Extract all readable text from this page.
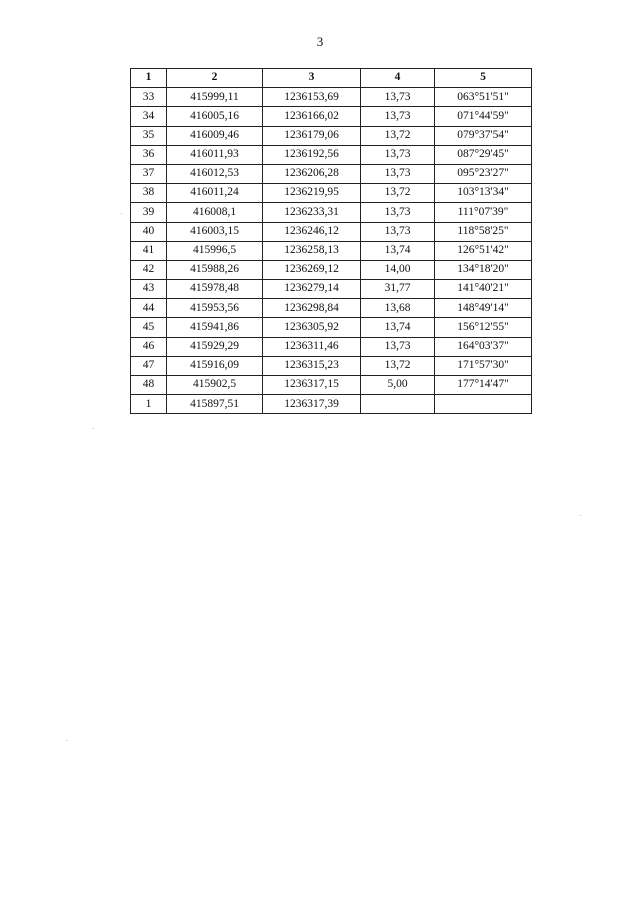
3
1	2	3	4	5
33	415999,11	1236153,69	13,73	063°51'51"
34	416005,16	1236166,02	13,73	071°44'59"
35	416009,46	1236179,06	13,72	079°37'54"
36	416011,93	1236192,56	13,73	087°29'45"
37	416012,53	1236206,28	13,73	095°23'27"
38	416011,24	1236219,95	13,72	103°13'34"
39	416008,1	1236233,31	13,73	111°07'39"
40	416003,15	1236246,12	13,73	118°58'25"
41	415996,5	1236258,13	13,74	126°51'42"
42	415988,26	1236269,12	14,00	134°18'20"
43	415978,48	1236279,14	31,77	141°40'21"
44	415953,56	1236298,84	13,68	148°49'14"
45	415941,86	1236305,92	13,74	156°12'55"
46	415929,29	1236311,46	13,73	164°03'37"
47	415916,09	1236315,23	13,72	171°57'30"
48	415902,5	1236317,15	5,00	177°14'47"
1	415897,51	1236317,39		
